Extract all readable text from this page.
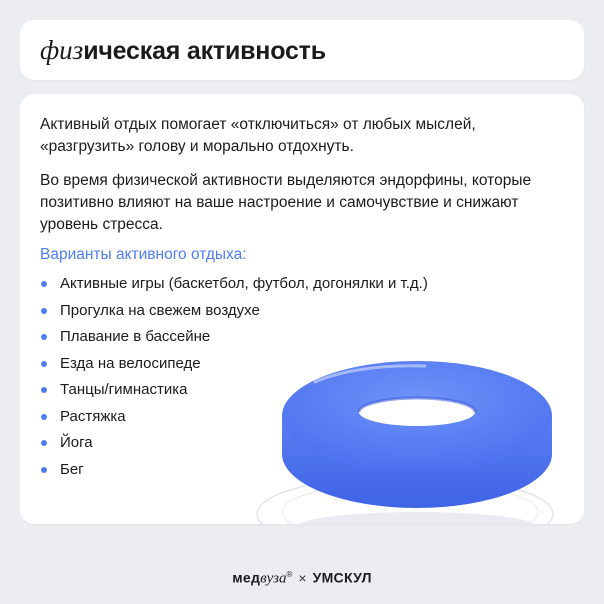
физическая активность

Активный отдых помогает «отключиться» от любых мыслей, «разгрузить» голову и морально отдохнуть.

Во время физической активности выделяются эндорфины, которые позитивно влияют на ваше настроение и самочувствие и снижают уровень стресса.

Варианты активного отдыха:
Активные игры (баскетбол, футбол, догонялки и т.д.)
Прогулка на свежем воздухе
Плавание в бассейне
Езда на велосипеде
Танцы/гимнастика
Растяжка
Йога
Бег
медвуза® × УМСКУЛ
